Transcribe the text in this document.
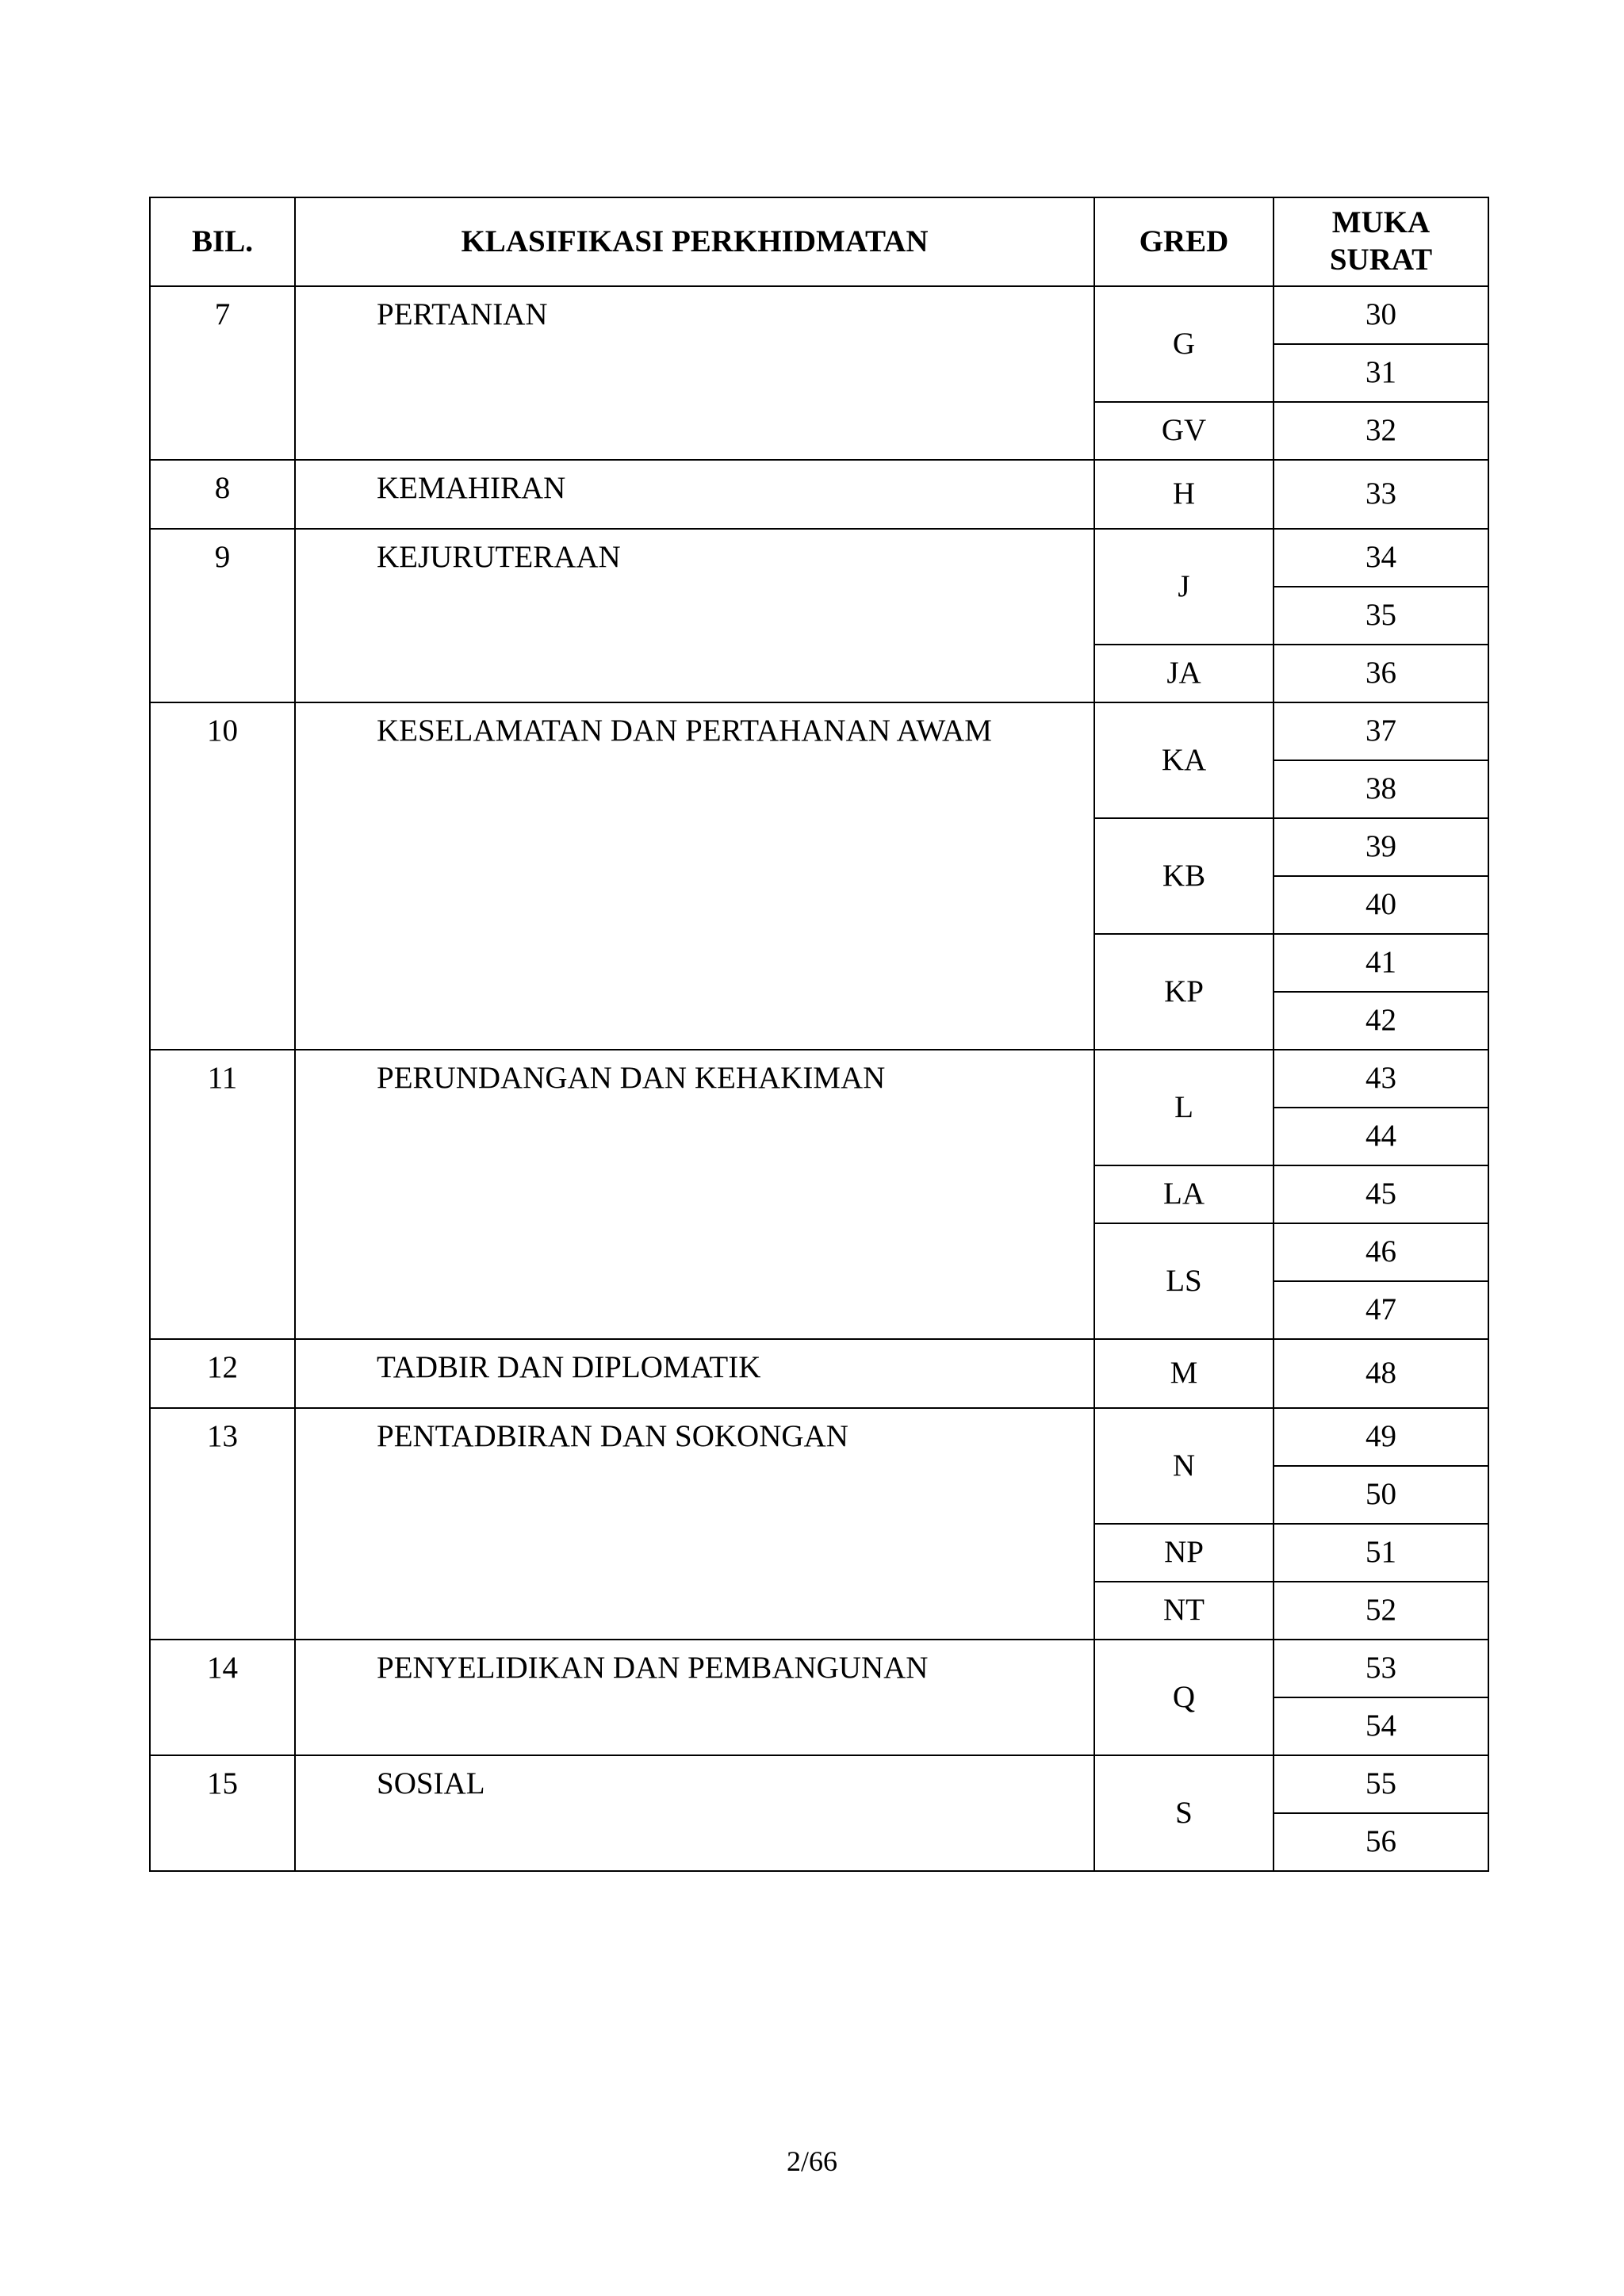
BIL.	KLASIFIKASI PERKHIDMATAN	GRED	MUKA
SURAT
7	PERTANIAN	G	30
			31
		GV	32
8	KEMAHIRAN	H	33
9	KEJURUTERAAN	J	34
			35
		JA	36
10	KESELAMATAN DAN PERTAHANAN AWAM	KA	37
			38
		KB	39
			40
		KP	41
			42
11	PERUNDANGAN DAN KEHAKIMAN	L	43
			44
		LA	45
		LS	46
			47
12	TADBIR DAN DIPLOMATIK	M	48
13	PENTADBIRAN DAN SOKONGAN	N	49
			50
		NP	51
		NT	52
14	PENYELIDIKAN DAN PEMBANGUNAN	Q	53
			54
15	SOSIAL	S	55
			56
2/66
